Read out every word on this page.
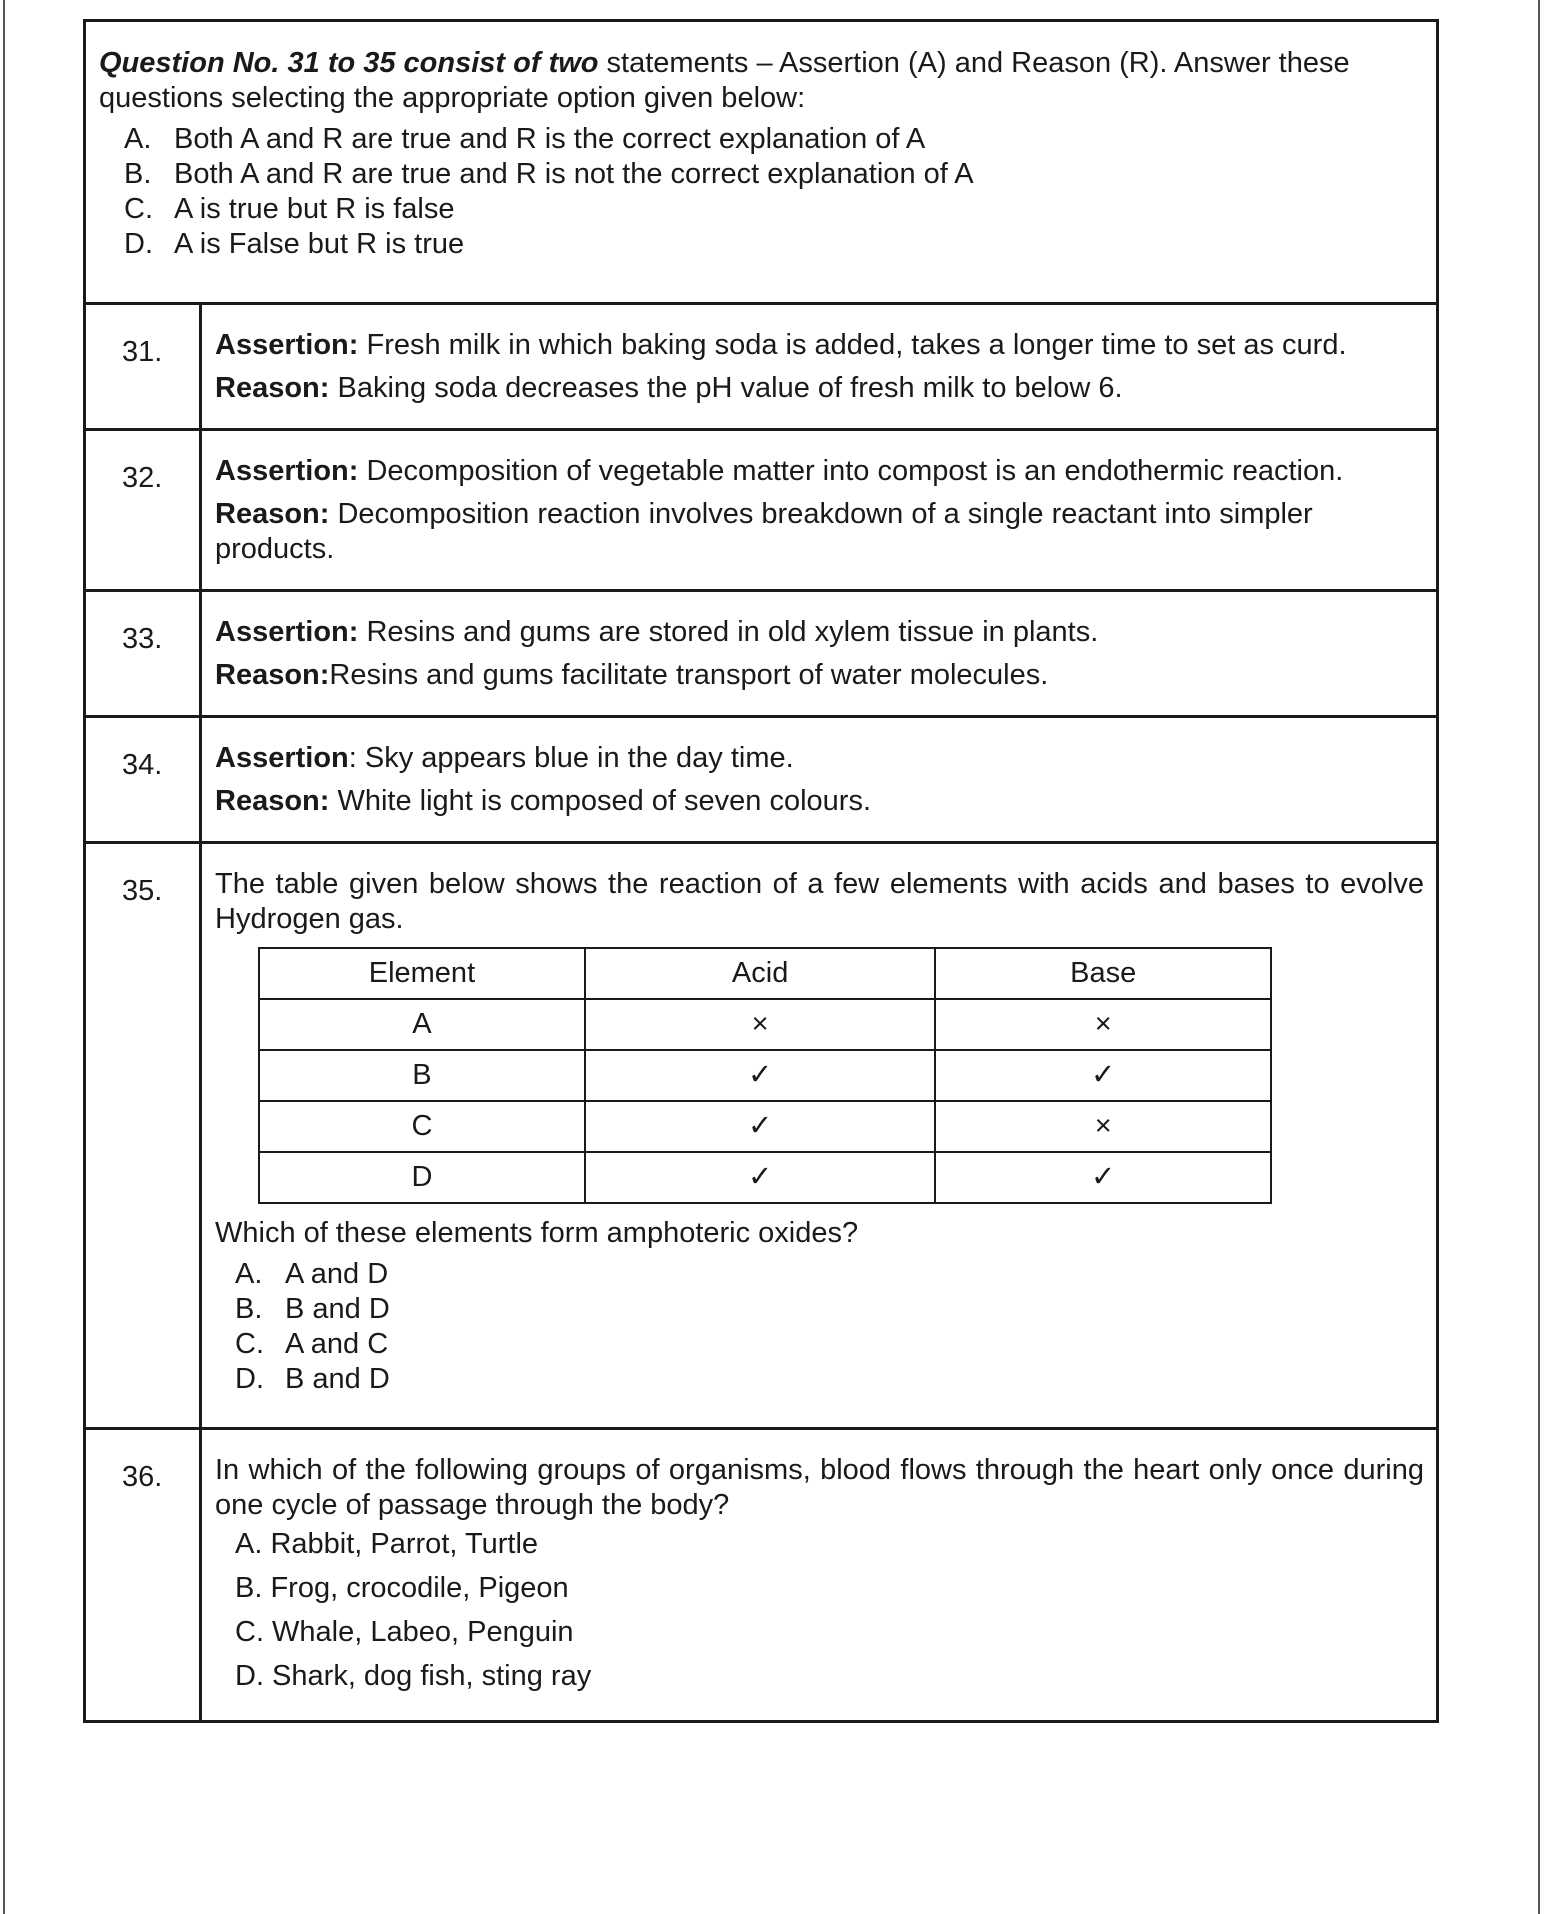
Question No. 31 to 35 consist of two statements – Assertion (A) and Reason (R). Answer these questions selecting the appropriate option given below:

A. Both A and R are true and R is the correct explanation of A
B. Both A and R are true and R is not the correct explanation of A
C. A is true but R is false
D. A is False but R is true
31.	Assertion: Fresh milk in which baking soda is added, takes a longer time to set as curd.

Reason: Baking soda decreases the pH value of fresh milk to below 6.

32.	Assertion: Decomposition of vegetable matter into compost is an endothermic reaction.

Reason: Decomposition reaction involves breakdown of a single reactant into simpler products.

33.	Assertion: Resins and gums are stored in old xylem tissue in plants.

Reason:Resins and gums facilitate transport of water molecules.

34.	Assertion: Sky appears blue in the day time.

Reason: White light is composed of seven colours.

35.	The table given below shows the reaction of a few elements with acids and bases to evolve Hydrogen gas.

Element	Acid	Base
A	×	×
B	✓	✓
C	✓	×
D	✓	✓

Which of these elements form amphoteric oxides?

A. A and D
B. B and D
C. A and C
D. B and D
36.	In which of the following groups of organisms, blood flows through the heart only once during one cycle of passage through the body?

A. Rabbit, Parrot, Turtle
B. Frog, crocodile, Pigeon
C. Whale, Labeo, Penguin
D. Shark, dog fish, sting ray
